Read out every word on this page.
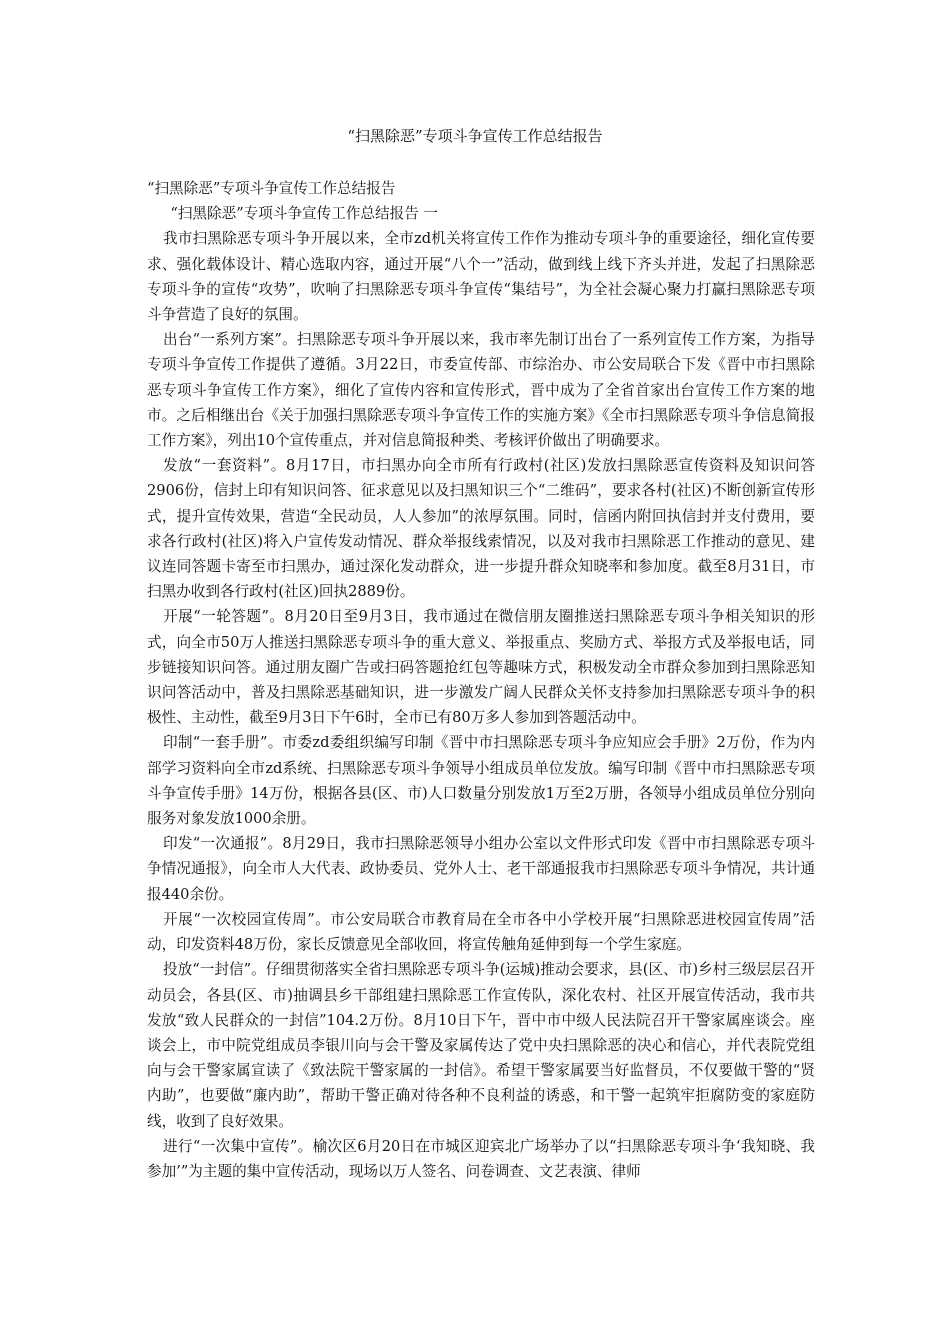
“扫黑除恶”专项斗争宣传工作总结报告

“扫黑除恶”专项斗争宣传工作总结报告

“扫黑除恶”专项斗争宣传工作总结报告 一

我市扫黑除恶专项斗争开展以来，全市zd机关将宣传工作作为推动专项斗争的重要途径，细化宣传要求、强化载体设计、精心选取内容，通过开展“八个一”活动，做到线上线下齐头并进，发起了扫黑除恶专项斗争的宣传“攻势”，吹响了扫黑除恶专项斗争宣传“集结号”，为全社会凝心聚力打赢扫黑除恶专项斗争营造了良好的氛围。

出台“一系列方案”。扫黑除恶专项斗争开展以来，我市率先制订出台了一系列宣传工作方案，为指导专项斗争宣传工作提供了遵循。3月22日，市委宣传部、市综治办、市公安局联合下发《晋中市扫黑除恶专项斗争宣传工作方案》，细化了宣传内容和宣传形式，晋中成为了全省首家出台宣传工作方案的地市。之后相继出台《关于加强扫黑除恶专项斗争宣传工作的实施方案》《全市扫黑除恶专项斗争信息简报工作方案》，列出10个宣传重点，并对信息简报种类、考核评价做出了明确要求。

发放“一套资料”。8月17日，市扫黑办向全市所有行政村(社区)发放扫黑除恶宣传资料及知识问答2906份，信封上印有知识问答、征求意见以及扫黑知识三个“二维码”，要求各村(社区)不断创新宣传形式，提升宣传效果，营造“全民动员，人人参加”的浓厚氛围。同时，信函内附回执信封并支付费用，要求各行政村(社区)将入户宣传发动情况、群众举报线索情况，以及对我市扫黑除恶工作推动的意见、建议连同答题卡寄至市扫黑办，通过深化发动群众，进一步提升群众知晓率和参加度。截至8月31日，市扫黑办收到各行政村(社区)回执2889份。

开展“一轮答题”。8月20日至9月3日，我市通过在微信朋友圈推送扫黑除恶专项斗争相关知识的形式，向全市50万人推送扫黑除恶专项斗争的重大意义、举报重点、奖励方式、举报方式及举报电话，同步链接知识问答。通过朋友圈广告或扫码答题抢红包等趣味方式，积极发动全市群众参加到扫黑除恶知识问答活动中，普及扫黑除恶基础知识，进一步激发广阔人民群众关怀支持参加扫黑除恶专项斗争的积极性、主动性，截至9月3日下午6时，全市已有80万多人参加到答题活动中。

印制“一套手册”。市委zd委组织编写印制《晋中市扫黑除恶专项斗争应知应会手册》2万份，作为内部学习资料向全市zd系统、扫黑除恶专项斗争领导小组成员单位发放。编写印制《晋中市扫黑除恶专项斗争宣传手册》14万份，根据各县(区、市)人口数量分别发放1万至2万册，各领导小组成员单位分别向服务对象发放1000余册。

印发“一次通报”。8月29日，我市扫黑除恶领导小组办公室以文件形式印发《晋中市扫黑除恶专项斗争情况通报》，向全市人大代表、政协委员、党外人士、老干部通报我市扫黑除恶专项斗争情况，共计通报440余份。

开展“一次校园宣传周”。市公安局联合市教育局在全市各中小学校开展“扫黑除恶进校园宣传周”活动，印发资料48万份，家长反馈意见全部收回，将宣传触角延伸到每一个学生家庭。

投放“一封信”。仔细贯彻落实全省扫黑除恶专项斗争(运城)推动会要求，县(区、市)乡村三级层层召开动员会，各县(区、市)抽调县乡干部组建扫黑除恶工作宣传队，深化农村、社区开展宣传活动，我市共发放“致人民群众的一封信”104.2万份。8月10日下午，晋中市中级人民法院召开干警家属座谈会。座谈会上，市中院党组成员李银川向与会干警及家属传达了党中央扫黑除恶的决心和信心，并代表院党组向与会干警家属宣读了《致法院干警家属的一封信》。希望干警家属要当好监督员，不仅要做干警的“贤内助”，也要做“廉内助”，帮助干警正确对待各种不良利益的诱惑，和干警一起筑牢拒腐防变的家庭防线，收到了良好效果。

进行“一次集中宣传”。榆次区6月20日在市城区迎宾北广场举办了以“扫黑除恶专项斗争‘我知晓、我参加’”为主题的集中宣传活动，现场以万人签名、问卷调查、文艺表演、律师
